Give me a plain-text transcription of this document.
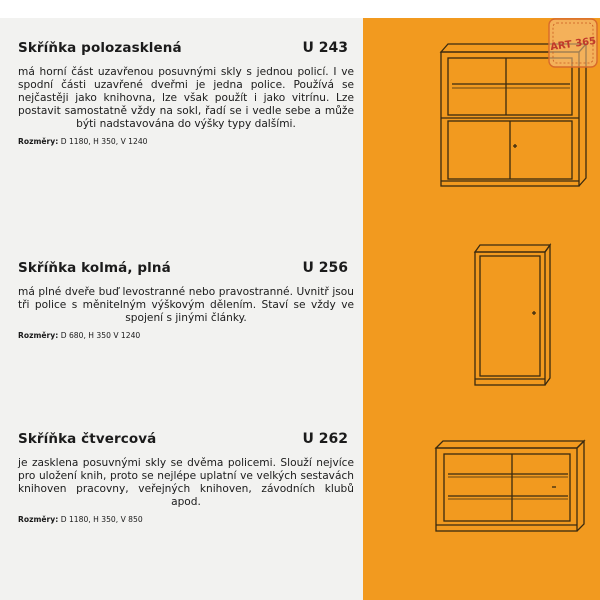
Skříňka polozasklená	U 243
má horní část uzavřenou posuvnými skly s jednou policí. I ve spodní části uzavřené dveřmi je jedna police. Používá se nejčastěji jako knihovna, lze však použít i jako vitrínu. Lze postavit samostatně vždy na sokl, řadí se i vedle sebe a může býti nadstavována do výšky typy dalšími.
Rozměry: D 1180, H 350, V 1240
Skříňka kolmá, plná	U 256
má plné dveře buď levostranné nebo pravostranné. Uvnitř jsou tři police s měnitelným výškovým dělením. Staví se vždy ve spojení s jinými články.
Rozměry: D 680, H 350 V 1240
Skříňka čtvercová	U 262
je zasklena posuvnými skly se dvěma policemi. Slouží nejvíce pro uložení knih, proto se nejlépe uplatní ve velkých sestavách knihoven pracovny, veřejných knihoven, závodních klubů apod.
Rozměry: D 1180, H 350, V 850
ART 365
